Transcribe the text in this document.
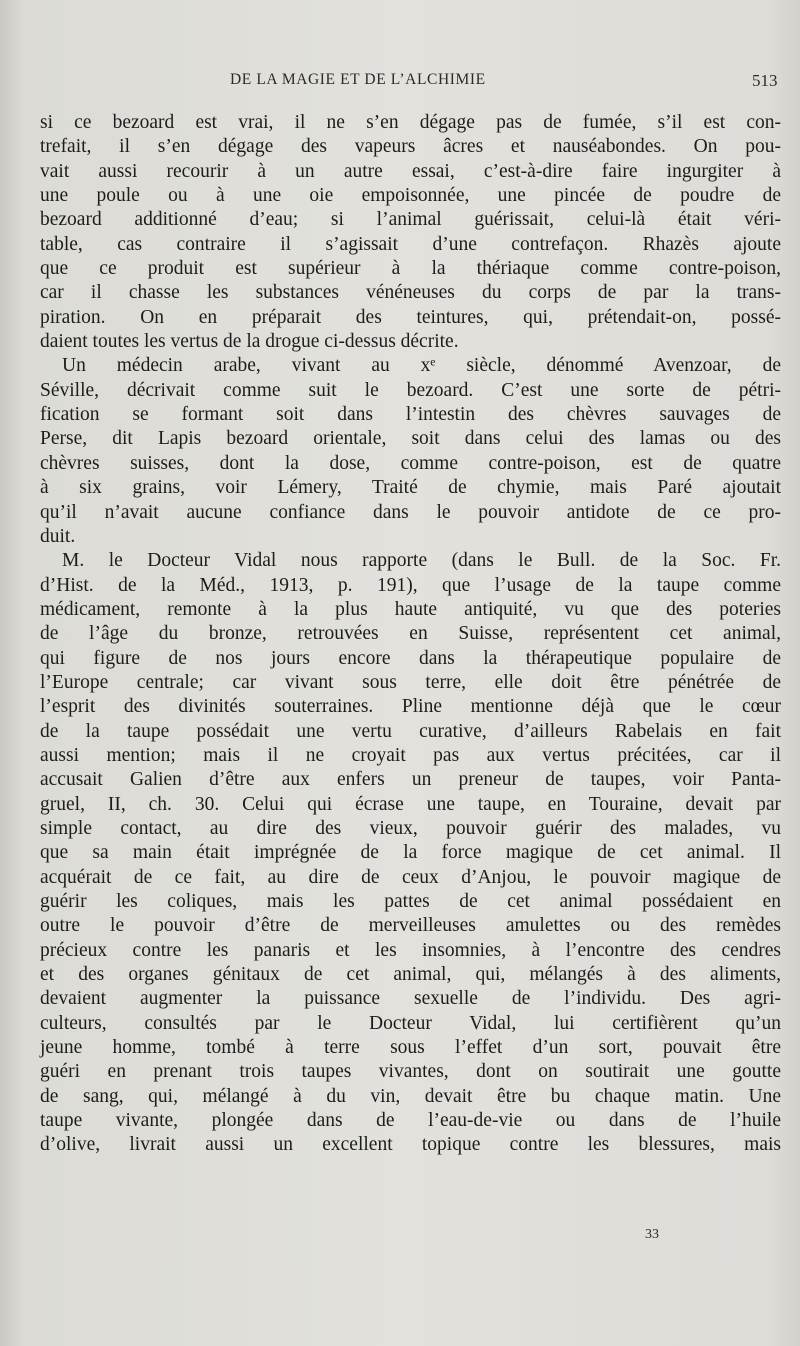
DE LA MAGIE ET DE L’ALCHIMIE	513
si ce bezoard est vrai, il ne s’en dégage pas de fumée, s’il est con-
trefait, il s’en dégage des vapeurs âcres et nauséabondes. On pou-
vait aussi recourir à un autre essai, c’est-à-dire faire ingurgiter à
une poule ou à une oie empoisonnée, une pincée de poudre de
bezoard additionné d’eau; si l’animal guérissait, celui-là était véri-
table, cas contraire il s’agissait d’une contrefaçon. Rhazès ajoute
que ce produit est supérieur à la thériaque comme contre-poison,
car il chasse les substances vénéneuses du corps de par la trans-
piration. On en préparait des teintures, qui, prétendait-on, possé-
daient toutes les vertus de la drogue ci-dessus décrite.
Un médecin arabe, vivant au xᵉ siècle, dénommé Avenzoar, de
Séville, décrivait comme suit le bezoard. C’est une sorte de pétri-
fication se formant soit dans l’intestin des chèvres sauvages de
Perse, dit Lapis bezoard orientale, soit dans celui des lamas ou des
chèvres suisses, dont la dose, comme contre-poison, est de quatre
à six grains, voir Lémery, Traité de chymie, mais Paré ajoutait
qu’il n’avait aucune confiance dans le pouvoir antidote de ce pro-
duit.
M. le Docteur Vidal nous rapporte (dans le Bull. de la Soc. Fr.
d’Hist. de la Méd., 1913, p. 191), que l’usage de la taupe comme
médicament, remonte à la plus haute antiquité, vu que des poteries
de l’âge du bronze, retrouvées en Suisse, représentent cet animal,
qui figure de nos jours encore dans la thérapeutique populaire de
l’Europe centrale; car vivant sous terre, elle doit être pénétrée de
l’esprit des divinités souterraines. Pline mentionne déjà que le cœur
de la taupe possédait une vertu curative, d’ailleurs Rabelais en fait
aussi mention; mais il ne croyait pas aux vertus précitées, car il
accusait Galien d’être aux enfers un preneur de taupes, voir Panta-
gruel, II, ch. 30. Celui qui écrase une taupe, en Touraine, devait par
simple contact, au dire des vieux, pouvoir guérir des malades, vu
que sa main était imprégnée de la force magique de cet animal. Il
acquérait de ce fait, au dire de ceux d’Anjou, le pouvoir magique de
guérir les coliques, mais les pattes de cet animal possédaient en
outre le pouvoir d’être de merveilleuses amulettes ou des remèdes
précieux contre les panaris et les insomnies, à l’encontre des cendres
et des organes génitaux de cet animal, qui, mélangés à des aliments,
devaient augmenter la puissance sexuelle de l’individu. Des agri-
culteurs, consultés par le Docteur Vidal, lui certifièrent qu’un
jeune homme, tombé à terre sous l’effet d’un sort, pouvait être
guéri en prenant trois taupes vivantes, dont on soutirait une goutte
de sang, qui, mélangé à du vin, devait être bu chaque matin. Une
taupe vivante, plongée dans de l’eau-de-vie ou dans de l’huile
d’olive, livrait aussi un excellent topique contre les blessures, mais
33
